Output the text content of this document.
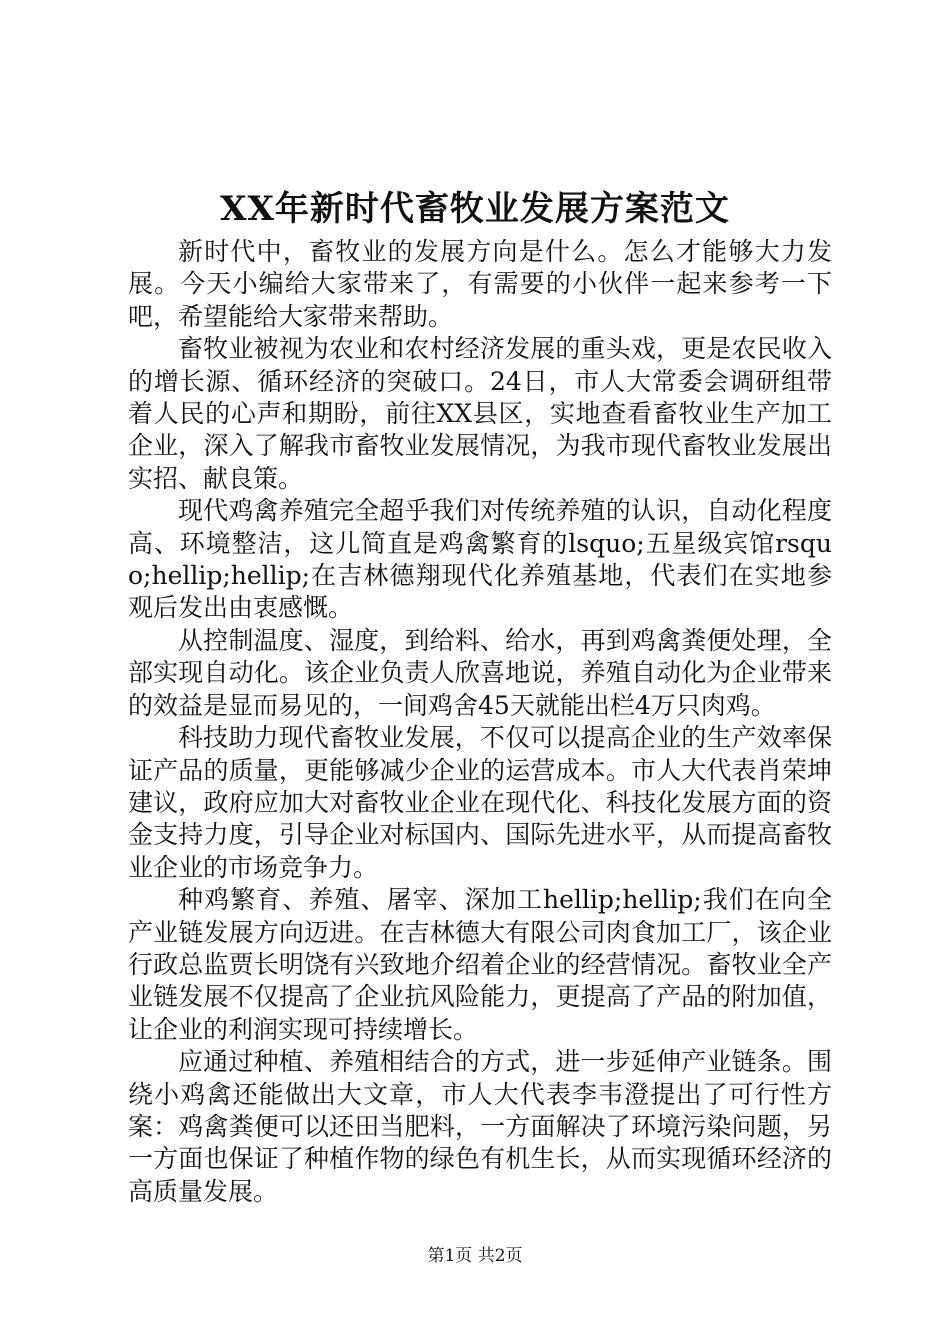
XX年新时代畜牧业发展方案范文

新时代中，畜牧业的发展方向是什么。怎么才能够大力发展。今天小编给大家带来了，有需要的小伙伴一起来参考一下吧，希望能给大家带来帮助。

畜牧业被视为农业和农村经济发展的重头戏，更是农民收入的增长源、循环经济的突破口。24日，市人大常委会调研组带着人民的心声和期盼，前往XX县区，实地查看畜牧业生产加工企业，深入了解我市畜牧业发展情况，为我市现代畜牧业发展出实招、献良策。

现代鸡禽养殖完全超乎我们对传统养殖的认识，自动化程度高、环境整洁，这儿简直是鸡禽繁育的lsquo;五星级宾馆rsquo;hellip;hellip;在吉林德翔现代化养殖基地，代表们在实地参观后发出由衷感慨。

从控制温度、湿度，到给料、给水，再到鸡禽粪便处理，全部实现自动化。该企业负责人欣喜地说，养殖自动化为企业带来的效益是显而易见的，一间鸡舍45天就能出栏4万只肉鸡。

科技助力现代畜牧业发展，不仅可以提高企业的生产效率保证产品的质量，更能够减少企业的运营成本。市人大代表肖荣坤建议，政府应加大对畜牧业企业在现代化、科技化发展方面的资金支持力度，引导企业对标国内、国际先进水平，从而提高畜牧业企业的市场竞争力。

种鸡繁育、养殖、屠宰、深加工hellip;hellip;我们在向全产业链发展方向迈进。在吉林德大有限公司肉食加工厂，该企业行政总监贾长明饶有兴致地介绍着企业的经营情况。畜牧业全产业链发展不仅提高了企业抗风险能力，更提高了产品的附加值，让企业的利润实现可持续增长。

应通过种植、养殖相结合的方式，进一步延伸产业链条。围绕小鸡禽还能做出大文章，市人大代表李韦澄提出了可行性方案：鸡禽粪便可以还田当肥料，一方面解决了环境污染问题，另一方面也保证了种植作物的绿色有机生长，从而实现循环经济的高质量发展。

第1页 共2页
